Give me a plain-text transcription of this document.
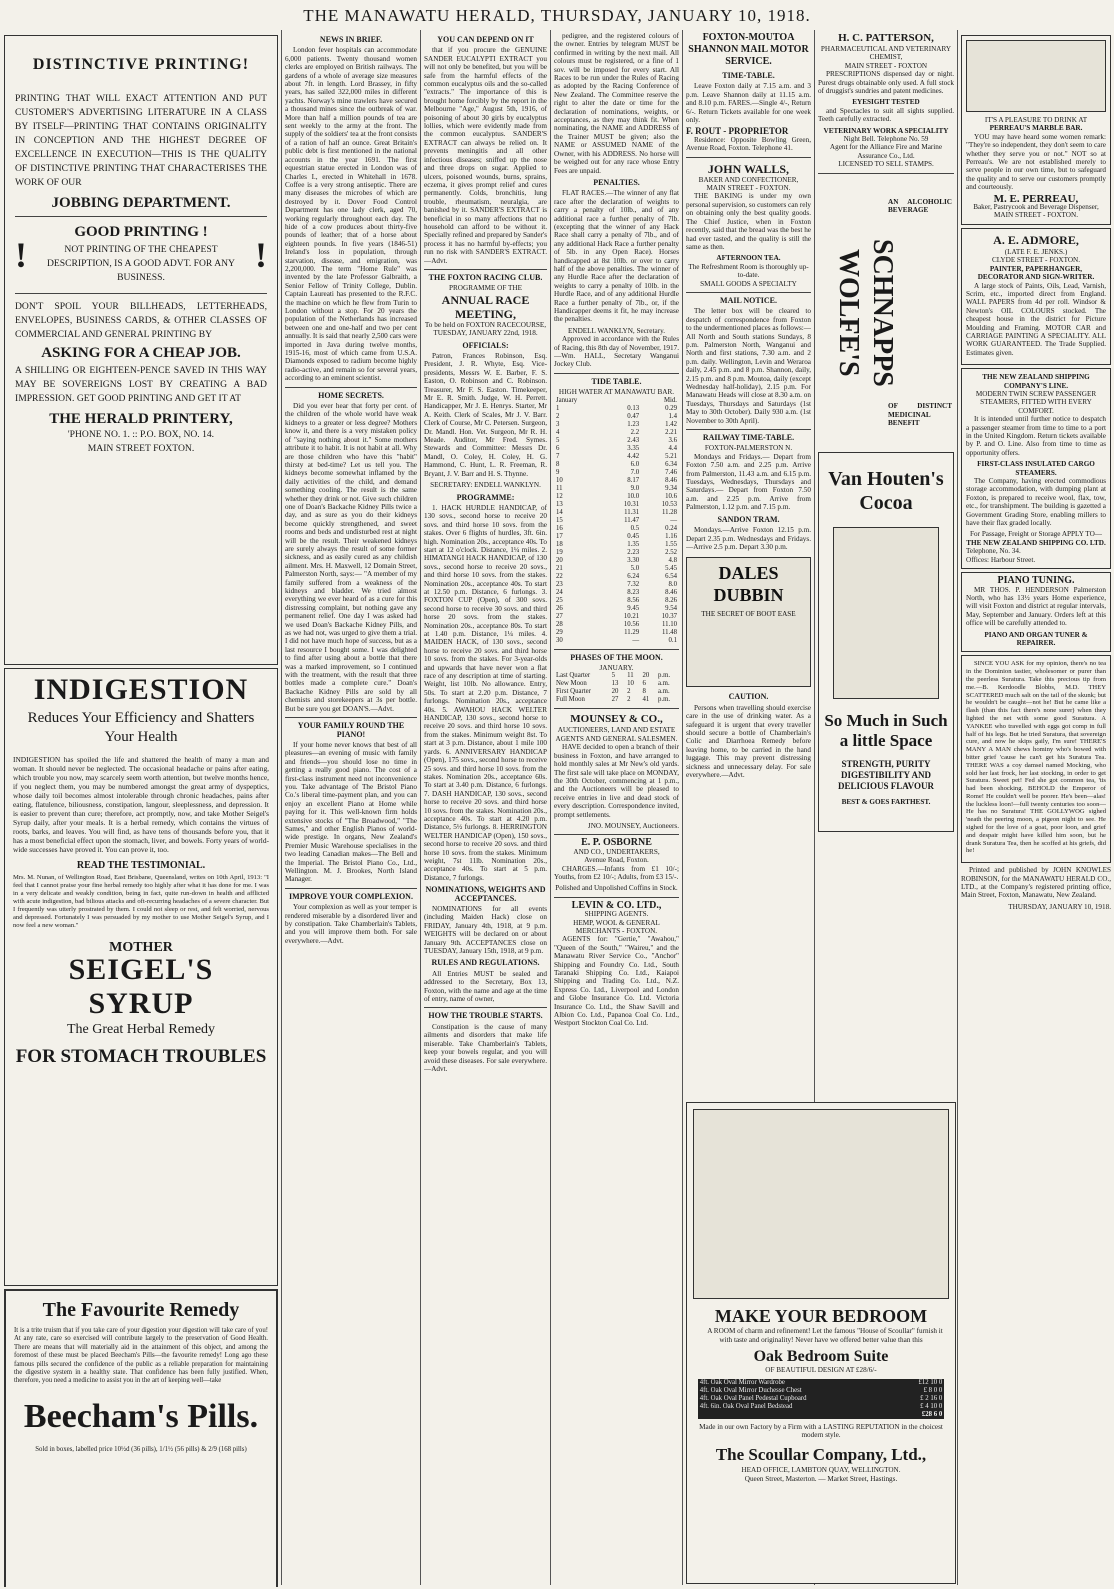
THE MANAWATU HERALD, THURSDAY, JANUARY 10, 1918.
DISTINCTIVE PRINTING!
PRINTING THAT WILL EXACT ATTENTION AND PUT CUSTOMER'S ADVERTISING LITERATURE IN A CLASS BY ITSELF—PRINTING THAT CONTAINS ORIGINALITY IN CONCEPTION AND THE HIGHEST DEGREE OF EXCELLENCE IN EXECUTION—THIS IS THE QUALITY OF DISTINCTIVE PRINTING THAT CHARACTERISES THE WORK OF OUR
JOBBING DEPARTMENT.
!
GOOD PRINTING !
NOT PRINTING OF THE CHEAPEST DESCRIPTION, IS A GOOD ADVT. FOR ANY BUSINESS.
!
DON'T SPOIL YOUR BILLHEADS, LETTERHEADS, ENVELOPES, BUSINESS CARDS, & OTHER CLASSES OF COMMERCIAL AND GENERAL PRINTING BY
ASKING FOR A CHEAP JOB.
A SHILLING OR EIGHTEEN-PENCE SAVED IN THIS WAY MAY BE SOVEREIGNS LOST BY CREATING A BAD IMPRESSION. GET GOOD PRINTING AND GET IT AT
THE HERALD PRINTERY,
'PHONE NO. 1. :: P.O. BOX, NO. 14.
MAIN STREET FOXTON.
INDIGESTION
Reduces Your Efficiency and Shatters Your Health
INDIGESTION has spoiled the life and shattered the health of many a man and woman. It should never be neglected. The occasional headache or pains after eating, which trouble you now, may scarcely seem worth attention, but twelve months hence, if you neglect them, you may be numbered amongst the great army of dyspeptics, whose daily toil becomes almost intolerable through chronic headaches, pains after eating, flatulence, biliousness, constipation, langour, sleeplessness, and depression. It is easier to prevent than cure; therefore, act promptly, now, and take Mother Seigel's Syrup daily, after your meals. It is a herbal remedy, which contains the virtues of roots, barks, and leaves. You will find, as have tens of thousands before you, that it has a most beneficial effect upon the stomach, liver, and bowels. Forty years of world-wide successes have proved it. You can prove it, too.
READ THE TESTIMONIAL.
Mrs. M. Nunan, of Wellington Road, East Brisbane, Queensland, writes on 10th April, 1913: "I feel that I cannot praise your fine herbal remedy too highly after what it has done for me. I was in a very delicate and weakly condition, being in fact, quite run-down in health and afflicted with acute indigestion, bad bilious attacks and oft-recurring headaches of a severe character. But I frequently was utterly prostrated by them. I could not sleep or rest, and felt worried, nervous and depressed. Fortunately I was persuaded by my mother to use Mother Seigel's Syrup, and I now feel a new woman."
MOTHER
SEIGEL'S SYRUP
The Great Herbal Remedy
FOR STOMACH TROUBLES
The Favourite Remedy
It is a trite truism that if you take care of your digestion your digestion will take care of you! At any rate, care so exercised will contribute largely to the preservation of Good Health. There are means that will materially aid in the attainment of this object, and among the foremost of these must be placed Beecham's Pills—the favourite remedy! Long ago these famous pills secured the confidence of the public as a reliable preparation for maintaining the digestive system in a healthy state. That confidence has been fully justified. When, therefore, you need a medicine to assist you in the art of keeping well—take
Beecham's Pills.
Sold in boxes, labelled price 10½d (36 pills), 1/1½ (56 pills) & 2/9 (168 pills)
NEWS IN BRIEF.

London fever hospitals can accommodate 6,000 patients. Twenty thousand women clerks are employed on British railways. The gardens of a whole of average size measures about 7ft. in length. Lord Brassey, in fifty years, has sailed 322,000 miles in different yachts. Norway's mine trawlers have secured a thousand mines since the outbreak of war. More than half a million pounds of tea are sent weekly to the army at the front. The supply of the soldiers' tea at the front consists of a ration of half an ounce. Great Britain's public debt is first mentioned in the national accounts in the year 1691. The first equestrian statue erected in London was of Charles I., erected in Whitehall in 1678. Coffee is a very strong antiseptic. There are many diseases the microbes of which are destroyed by it. Dover Food Control Department has one lady clerk, aged 70, working regularly throughout each day. The hide of a cow produces about thirty-five pounds of leather; that of a horse about eighteen pounds. In five years (1846-51) Ireland's loss in population, through starvation, disease, and emigration, was 2,200,000. The term "Home Rule" was invented by the late Professor Galbraith, a Senior Fellow of Trinity College, Dublin. Captain Laureati has presented to the R.F.C. the machine on which he flew from Turin to London without a stop. For 20 years the population of the Netherlands has increased between one and one-half and two per cent annually. It is said that nearly 2,500 cars were imported in Java during twelve months, 1915-16, most of which came from U.S.A. Diamonds exposed to radium become highly radio-active, and remain so for several years, according to an eminent scientist.

HOME SECRETS.

Did you ever hear that forty per cent. of the children of the whole world have weak kidneys to a greater or less degree? Mothers know it, and there is a very mistaken policy of "saying nothing about it." Some mothers attribute it to habit. It is not habit at all. Why are those children who have this "habit" thirsty at bed-time? Let us tell you. The kidneys become somewhat inflamed by the daily activities of the child, and demand something cooling. The result is the same whether they drink or not. Give such children one of Doan's Backache Kidney Pills twice a day, and as sure as you do their kidneys become quickly strengthened, and sweet rooms and beds and undisturbed rest at night will be the result. Their weakened kidneys are surely always the result of some former sickness, and as easily cured as any childish ailment. Mrs. H. Maxwell, 12 Domain Street, Palmerston North, says:— "A member of my family suffered from a weakness of the kidneys and bladder. We tried almost everything we ever heard of as a cure for this distressing complaint, but nothing gave any permanent relief. One day I was asked had we used Doan's Backache Kidney Pills, and as we had not, was urged to give them a trial. I did not have much hope of success, but as a last resource I bought some. I was delighted to find after using about a bottle that there was a marked improvement, so I continued with the treatment, with the result that three bottles made a complete cure." Doan's Backache Kidney Pills are sold by all chemists and storekeepers at 3s per bottle. But be sure you get DOAN'S.—Advt.

YOUR FAMILY ROUND THE PIANO!

If your home never knows that best of all pleasures—an evening of music with family and friends—you should lose no time in getting a really good piano. The cost of a first-class instrument need not inconvenience you. Take advantage of The Bristol Piano Co.'s liberal time-payment plan, and you can enjoy an excellent Piano at Home while paying for it. This well-known firm holds extensive stocks of "The Broadwood," "The Sames," and other English Pianos of world-wide prestige. In organs, New Zealand's Premier Music Warehouse specialises in the two leading Canadian makes—The Bell and the Imperial. The Bristol Piano Co., Ltd., Wellington. M. J. Brookes, North Island Manager.

IMPROVE YOUR COMPLEXION.

Your complexion as well as your temper is rendered miserable by a disordered liver and by constipation. Take Chamberlain's Tablets, and you will improve them both. For sale everywhere.—Advt.

YOU CAN DEPEND ON IT

that if you procure the GENUINE SANDER EUCALYPTI EXTRACT you will not only be benefited, but you will be safe from the harmful effects of the common eucalyptus oils and the so-called "extracts." The importance of this is brought home forcibly by the report in the Melbourne "Age," August 5th, 1916, of poisoning of about 30 girls by eucalyptus lollies, which were evidently made from the common eucalyptus. SANDER'S EXTRACT can always be relied on. It prevents meningitis and all other infectious diseases; sniffed up the nose and three drops on sugar. Applied to ulcers, poisoned wounds, burns, sprains, eczema, it gives prompt relief and cures permanently. Colds, bronchitis, lung trouble, rheumatism, neuralgia, are banished by it. SANDER'S EXTRACT is beneficial in so many affections that no household can afford to be without it. Specially refined and prepared by Sander's process it has no harmful by-effects; you run no risk with SANDER'S EXTRACT.—Advt.

THE FOXTON RACING CLUB.
PROGRAMME OF THE
ANNUAL RACE MEETING,
To be held on FOXTON RACECOURSE,
TUESDAY, JANUARY 22nd, 1918.
OFFICIALS:

Patron, Frances Robinson, Esq. President, J. R. Whyte, Esq. Vice-presidents, Messrs W. E. Barber, F. S. Easton, O. Robinson and C. Robinson. Treasurer, Mr F. S. Easton. Timekeeper, Mr E. R. Smith. Judge, W. H. Perrett. Handicapper, Mr J. E. Henrys. Starter, Mr A. Keith. Clerk of Scales, Mr J. V. Barr. Clerk of Course, Mr C. Petersen. Surgeon, Dr. Mandl. Hon. Vet. Surgeon, Mr R. H. Meade. Auditor, Mr Fred. Symes. Stewards and Committee: Messrs Dr. Mandl, O. Coley, H. Coley, H. G. Hammond, C. Hunt, L. R. Freeman, R. Bryant, J. V. Barr and H. S. Thynne.

SECRETARY: ENDELL WANKLYN.
PROGRAMME:

1. HACK HURDLE HANDICAP, of 130 sovs., second horse to receive 20 sovs. and third horse 10 sovs. from the stakes. Over 6 flights of hurdles, 3ft. 6in. high. Nomination 20s., acceptance 40s. To start at 12 o'clock. Distance, 1¼ miles. 2. HIMATANGI HACK HANDICAP, of 130 sovs., second horse to receive 20 sovs., and third horse 10 sovs. from the stakes. Nomination 20s., acceptance 40s. To start at 12.50 p.m. Distance, 6 furlongs. 3. FOXTON CUP (Open), of 300 sovs. second horse to receive 30 sovs. and third horse 20 sovs. from the stakes. Nomination 20s., acceptance 80s. To start at 1.40 p.m. Distance, 1¼ miles. 4. MAIDEN HACK, of 130 sovs., second horse to receive 20 sovs. and third horse 10 sovs. from the stakes. For 3-year-olds and upwards that have never won a flat race of any description at time of starting. Weight, list 10lb. No allowance. Entry, 50s. To start at 2.20 p.m. Distance, 7 furlongs. Nomination 20s., acceptance 40s. 5. AWAHOU HACK WELTER HANDICAP, 130 sovs., second horse to receive 20 sovs. and third horse 10 sovs. from the stakes. Minimum weight 8st. To start at 3 p.m. Distance, about 1 mile 100 yards. 6. ANNIVERSARY HANDICAP (Open), 175 sovs., second horse to receive 25 sovs. and third horse 10 sovs. from the stakes. Nomination 20s., acceptance 60s. To start at 3.40 p.m. Distance, 6 furlongs. 7. DASH HANDICAP, 130 sovs., second horse to receive 20 sovs. and third horse 10 sovs. from the stakes. Nomination 20s., acceptance 40s. To start at 4.20 p.m. Distance, 5½ furlongs. 8. HERRINGTON WELTER HANDICAP (Open), 150 sovs., second horse to receive 20 sovs. and third horse 10 sovs. from the stakes. Minimum weight, 7st 11lb. Nomination 20s., acceptance 40s. To start at 5 p.m. Distance, 7 furlongs.

NOMINATIONS, WEIGHTS AND ACCEPTANCES.

NOMINATIONS for all events (including Maiden Hack) close on FRIDAY, January 4th, 1918, at 9 p.m. WEIGHTS will be declared on or about January 9th. ACCEPTANCES close on TUESDAY, January 15th, 1918, at 9 p.m.

RULES AND REGULATIONS.

All Entries MUST be sealed and addressed to the Secretary, Box 13, Foxton, with the name and age at the time of entry, name of owner,

HOW THE TROUBLE STARTS.

Constipation is the cause of many ailments and disorders that make life miserable. Take Chamberlain's Tablets, keep your bowels regular, and you will avoid these diseases. For sale everywhere.—Advt.

pedigree, and the registered colours of the owner. Entries by telegram MUST be confirmed in writing by the next mail. All colours must be registered, or a fine of 1 sov. will be imposed for every start. All Races to be run under the Rules of Racing as adopted by the Racing Conference of New Zealand. The Committee reserve the right to alter the date or time for the declaration of nominations, weights, or acceptances, as they may think fit. When nominating, the NAME and ADDRESS of the Trainer MUST be given; also the NAME or ASSUMED NAME of the Owner, with his ADDRESS. No horse will be weighed out for any race whose Entry Fees are unpaid.

PENALTIES.

FLAT RACES.—The winner of any flat race after the declaration of weights to carry a penalty of 10lb., and of any additional race a further penalty of 7lb. (excepting that the winner of any Hack Race shall carry a penalty of 7lb., and of any additional Hack Race a further penalty of 5lb. in any Open Race). Horses handicapped at 8st 10lb. or over to carry half of the above penalties. The winner of any Hurdle Race after the declaration of weights to carry a penalty of 10lb. in the Hurdle Race, and of any additional Hurdle Race a further penalty of 7lb., or, if the Handicapper deems it fit, he may increase the penalties.

ENDELL WANKLYN, Secretary.

Approved in accordance with the Rules of Racing, this 8th day of November, 1917.—Wm. HALL, Secretary Wanganui Jockey Club.

TIDE TABLE.
HIGH WATER AT MANAWATU BAR.
January		Mid.
1	0.13	0.29
2	0.47	1.4
3	1.23	1.42
4	2.2	2.21
5	2.43	3.6
6	3.35	4.4
7	4.42	5.21
8	6.0	6.34
9	7.0	7.46
10	8.17	8.46
11	9.0	9.34
12	10.0	10.6
13	10.31	10.53
14	11.31	11.28
15	11.47	—
16	0.5	0.24
17	0.45	1.16
18	1.35	1.55
19	2.23	2.52
20	3.30	4.8
21	5.0	5.45
22	6.24	6.54
23	7.32	8.0
24	8.23	8.46
25	8.56	8.26
26	9.45	9.54
27	10.21	10.37
28	10.56	11.10
29	11.29	11.48
30	—	0.1
PHASES OF THE MOON.
JANUARY.
Last Quarter	5	11	20	p.m.
New Moon	13	10	6	a.m.
First Quarter	20	2	8	a.m.
Full Moon	27	2	41	p.m.
MOUNSEY & CO.,
AUCTIONEERS, LAND AND ESTATE AGENTS AND GENERAL SALESMEN.

HAVE decided to open a branch of their business in Foxton, and have arranged to hold monthly sales at Mr New's old yards. The first sale will take place on MONDAY, the 30th October, commencing at 1 p.m., and the Auctioneers will be pleased to receive entries in live and dead stock of every description. Correspondence invited, prompt settlements.

JNO. MOUNSEY, Auctioneers.
E. P. OSBORNE
AND CO., UNDERTAKERS,
Avenue Road, Foxton.

CHARGES.—Infants from £1 10/-; Youths, from £2 10/-; Adults, from £3 15/-.

Polished and Unpolished Coffins in Stock.
LEVIN & CO. LTD.,
SHIPPING AGENTS.
HEMP, WOOL & GENERAL MERCHANTS - FOXTON.

AGENTS for: "Gertie," "Awahou," "Queen of the South," "Waireu," and the Manawatu River Service Co., "Anchor" Shipping and Foundry Co. Ltd., South Taranaki Shipping Co. Ltd., Kaiapoi Shipping and Trading Co. Ltd., N.Z. Express Co. Ltd., Liverpool and London and Globe Insurance Co. Ltd. Victoria Insurance Co. Ltd., the Shaw Savill and Albion Co. Ltd., Papanoa Coal Co. Ltd., Westport Stockton Coal Co. Ltd.

FOXTON-MOUTOA SHANNON MAIL MOTOR SERVICE.
TIME-TABLE.

Leave Foxton daily at 7.15 a.m. and 3 p.m. Leave Shannon daily at 11.15 a.m. and 8.10 p.m. FARES.—Single 4/-, Return 6/-. Return Tickets available for one week only.

F. ROUT - PROPRIETOR

Residence: Opposite Bowling Green, Avenue Road, Foxton. Telephone 41.

JOHN WALLS,
BAKER AND CONFECTIONER,
MAIN STREET - FOXTON.

THE BAKING is under my own personal supervision, so customers can rely on obtaining only the best quality goods. The Chief Justice, when in Foxton recently, said that the bread was the best he had ever tasted, and the quality is still the same as then.

AFTERNOON TEA.
The Refreshment Room is thoroughly up-to-date.
SMALL GOODS A SPECIALTY
MAIL NOTICE.

The letter box will be cleared to despatch of correspondence from Foxton to the undermentioned places as follows:— All North and South stations Sundays, 8 p.m. Palmerston North, Wanganui and North and first stations, 7.30 a.m. and 2 p.m. daily. Wellington, Levin and Weraroa daily, 2.45 p.m. and 8 p.m. Shannon, daily, 2.15 p.m. and 8 p.m. Moutoa, daily (except Wednesday half-holiday), 2.15 p.m. For Manawatu Heads will close at 8.30 a.m. on Tuesdays, Thursdays and Saturdays (1st May to 30th October). Daily 930 a.m. (1st November to 30th April).

RAILWAY TIME-TABLE.
FOXTON-PALMERSTON N.

Mondays and Fridays.— Depart from Foxton 7.50 a.m. and 2.25 p.m. Arrive from Palmerston, 11.43 a.m. and 6.15 p.m. Tuesdays, Wednesdays, Thursdays and Saturdays.— Depart from Foxton 7.50 a.m. and 2.25 p.m. Arrive from Palmerston, 1.12 p.m. and 7.15 p.m.

SANDON TRAM.

Mondays.—Arrive Foxton 12.15 p.m. Depart 2.35 p.m. Wednesdays and Fridays.—Arrive 2.5 p.m. Depart 3.30 p.m.

DALES DUBBIN
THE SECRET OF BOOT EASE
CAUTION.

Persons when travelling should exercise care in the use of drinking water. As a safeguard it is urgent that every traveller should secure a bottle of Chamberlain's Colic and Diarrhoea Remedy before leaving home, to be carried in the hand luggage. This may prevent distressing sickness and unnecessary delay. For sale everywhere.—Advt.

H. C. PATTERSON,
PHARMACEUTICAL AND VETERINARY CHEMIST,
MAIN STREET - FOXTON

PRESCRIPTIONS dispensed day or night. Purest drugs obtainable only used. A full stock of druggist's sundries and patent medicines.

EYESIGHT TESTED

and Spectacles to suit all sights supplied. Teeth carefully extracted.

VETERINARY WORK A SPECIALITY
Night Bell. Telephone No. 59
Agent for the Alliance Fire and Marine Assurance Co., Ltd.
LICENSED TO SELL STAMPS.
WOLFE'S SCHNAPPS
AN ALCOHOLIC BEVERAGE
OF DISTINCT MEDICINAL BENEFIT
Van Houten's Cocoa
So Much in Such a little Space
STRENGTH, PURITY DIGESTIBILITY AND DELICIOUS FLAVOUR
BEST & GOES FARTHEST.
MAKE YOUR BEDROOM

A ROOM of charm and refinement! Let the famous "House of Scoullar" furnish it with taste and originality! Never have we offered better value than this

Oak Bedroom Suite
OF BEAUTIFUL DESIGN AT £28/6/-
4ft. Oak Oval Mirror Wardrobe	£12 10 0
4ft. Oak Oval Mirror Duchesse Chest	£ 8 0 0
4ft. Oak Oval Panel Pedestal Cupboard	£ 2 16 0
4ft. 6in. Oak Oval Panel Bedstead	£ 4 10 0
	£28 6 0
Made in our own Factory by a Firm with a LASTING REPUTATION in the choicest modern style.
The Scoullar Company, Ltd.,
HEAD OFFICE, LAMBTON QUAY, WELLINGTON.
Queen Street, Masterton. — Market Street, Hastings.
IT'S A PLEASURE TO DRINK AT
PERREAU'S MARBLE BAR.

YOU may have heard some women remark: "They're so independent, they don't seem to care whether they serve you or not." NOT so at Perreau's. We are not established merely to serve people in our own time, but to safeguard the quality and to serve our customers promptly and courteously.

M. E. PERREAU,
Baker, Pastrycook and Beverage Dispenser, MAIN STREET - FOXTON.
A. E. ADMORE,
(LATE F. E. JENKS.)
CLYDE STREET - FOXTON.
PAINTER, PAPERHANGER, DECORATOR AND SIGN-WRITER.

A large stock of Paints, Oils, Lead, Varnish, Scrim, etc., imported direct from England. WALL PAPERS from 4d per roll. Windsor & Newton's OIL COLOURS stocked. The cheapest house in the district for Picture Moulding and Framing. MOTOR CAR and CARRIAGE PAINTING A SPECIALITY. ALL WORK GUARANTEED. The Trade Supplied. Estimates given.

THE NEW ZEALAND SHIPPING COMPANY'S LINE.
MODERN TWIN SCREW PASSENGER STEAMERS, FITTED WITH EVERY COMFORT.

It is intended until further notice to despatch a passenger steamer from time to time to a port in the United Kingdom. Return tickets available by P. and O. Line. Also from time to time as opportunity offers.

FIRST-CLASS INSULATED CARGO STEAMERS.

The Company, having erected commodious storage accommodation, with dumping plant at Foxton, is prepared to receive wool, flax, tow, etc., for transhipment. The building is gazetted a Government Grading Store, enabling millers to have their flax graded locally.

For Passage, Freight or Storage APPLY TO—
THE NEW ZEALAND SHIPPING CO. LTD.
Telephone, No. 34.
Offices: Harbour Street.
PIANO TUNING.

MR THOS. P. HENDERSON Palmerston North, who has 13½ years Home experience, will visit Foxton and district at regular intervals, May, September and January. Orders left at this office will be carefully attended to.

PIANO AND ORGAN TUNER & REPAIRER.

SINCE YOU ASK for my opinion, there's no tea in the Dominion tastier, wholesomer or purer than the peerless Suratura. Take this precious tip from me.—B. Kerdoodle Blobbs, M.D. THEY SCATTERED much salt on the tail of the skunk; but he wouldn't be caught—not he! But he came like a flash (than this fact there's none surer) when they lighted the net with some good Suratura. A YANKEE who travelled with eggs got comp in full half of his legs. But he tried Suratura, that sovereign cure, and now he skips gaily, I'm sure! THERE'S MANY A MAN chews hominy who's bowed with bitter grief 'cause he can't get his Suratura Tea. THERE WAS a coy damsel named Mocking, who sold her last frock, her last stocking, in order to get Suratura. Sweet pet! Fed she got common tea, 'tis had been shocking. BEHOLD the Emperor of Rome! He couldn't well be poorer. He's been—alas! the luckless loon!—full twenty centuries too soon—He has no Suratura! THE GOLLYWOG sighed 'neath the peering moon, a pigeon night to see. He sighed for the love of a goat, poor loon, and grief and despair might have killed him soon, but he drank Suratura Tea, then he scoffed at his griefs, did he!

Printed and published by JOHN KNOWLES ROBINSON, for the MANAWATU HERALD CO., LTD., at the Company's registered printing office, Main Street, Foxton, Manawatu, New Zealand.

THURSDAY, JANUARY 10, 1918.
